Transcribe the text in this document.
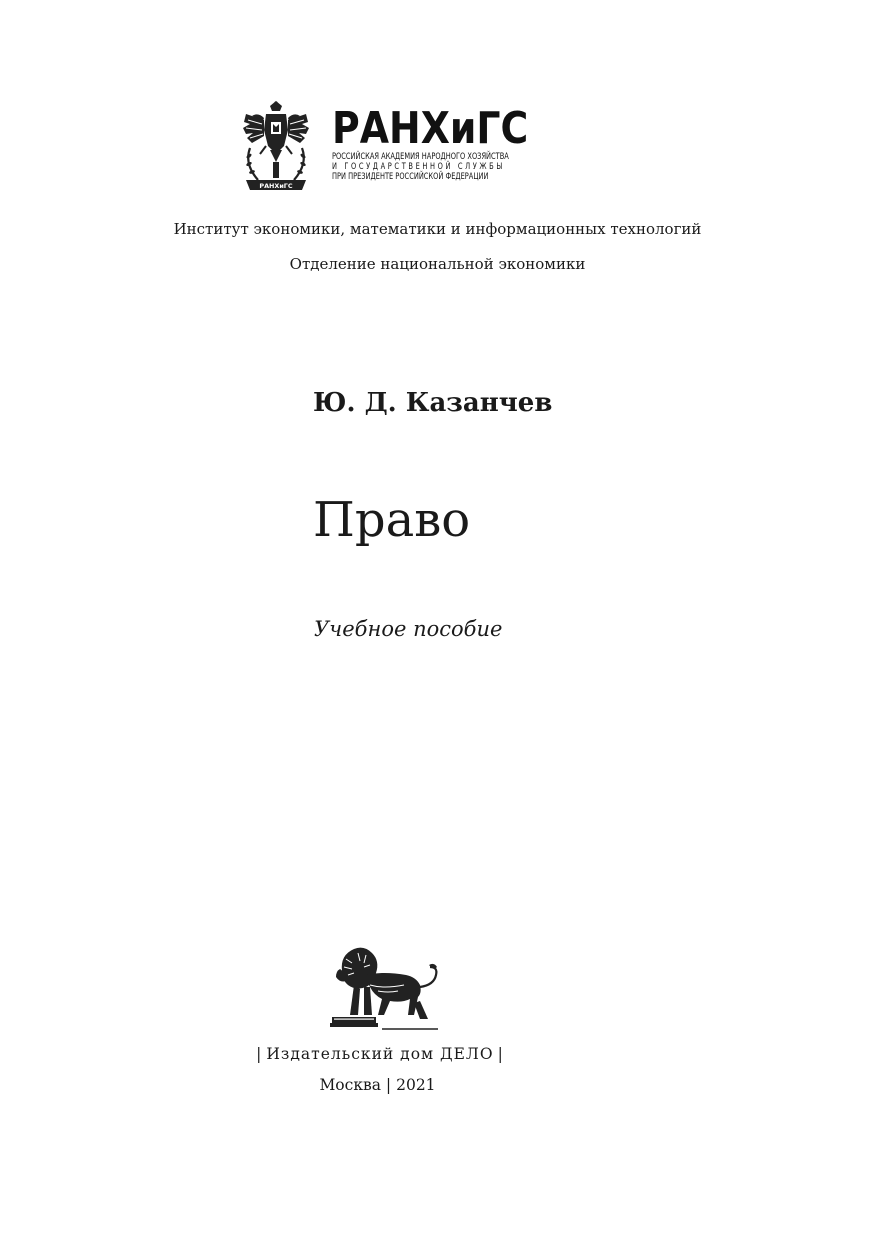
РАНХиГС
РАНХиГС
РОССИЙСКАЯ АКАДЕМИЯ НАРОДНОГО ХОЗЯЙСТВА
И ГОСУДАРСТВЕННОЙ СЛУЖБЫ
ПРИ ПРЕЗИДЕНТЕ РОССИЙСКОЙ ФЕДЕРАЦИИ
Институт экономики, математики и информационных технологий
Отделение национальной экономики
Ю. Д. Казанчев
Право
Учебное пособие
| Издательский дом ДЕЛО |
Москва | 2021
